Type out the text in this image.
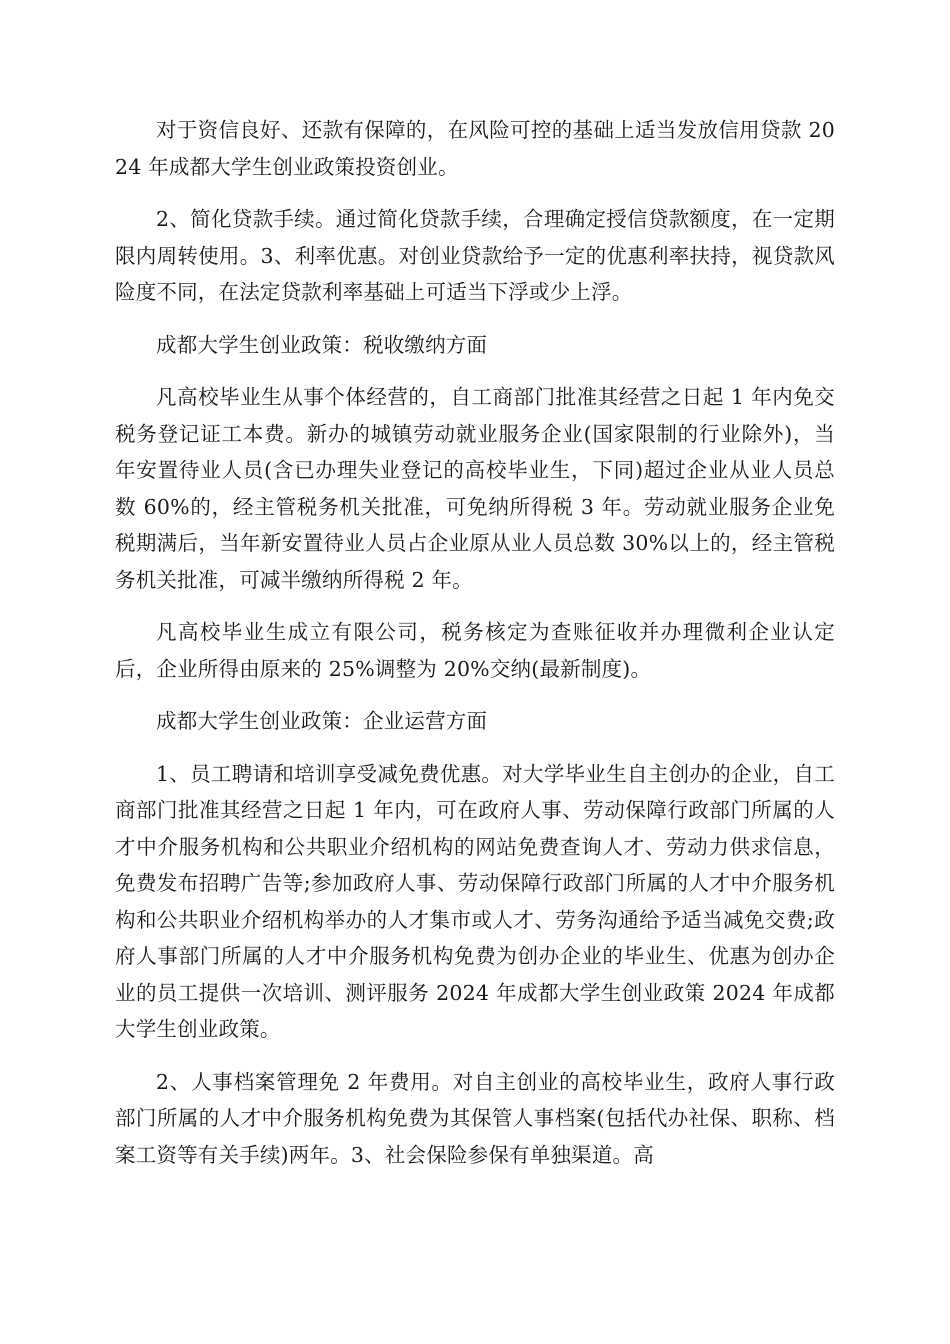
对于资信良好、还款有保障的，在风险可控的基础上适当发放信用贷款 2024 年成都大学生创业政策投资创业。

2、简化贷款手续。通过简化贷款手续，合理确定授信贷款额度，在一定期限内周转使用。3、利率优惠。对创业贷款给予一定的优惠利率扶持，视贷款风险度不同，在法定贷款利率基础上可适当下浮或少上浮。

成都大学生创业政策：税收缴纳方面

凡高校毕业生从事个体经营的，自工商部门批准其经营之日起 1 年内免交税务登记证工本费。新办的城镇劳动就业服务企业(国家限制的行业除外)，当年安置待业人员(含已办理失业登记的高校毕业生，下同)超过企业从业人员总数 60%的，经主管税务机关批准，可免纳所得税 3 年。劳动就业服务企业免税期满后，当年新安置待业人员占企业原从业人员总数 30%以上的，经主管税务机关批准，可减半缴纳所得税 2 年。

凡高校毕业生成立有限公司，税务核定为查账征收并办理微利企业认定后，企业所得由原来的 25%调整为 20%交纳(最新制度)。

成都大学生创业政策：企业运营方面

1、员工聘请和培训享受减免费优惠。对大学毕业生自主创办的企业，自工商部门批准其经营之日起 1 年内，可在政府人事、劳动保障行政部门所属的人才中介服务机构和公共职业介绍机构的网站免费查询人才、劳动力供求信息，免费发布招聘广告等;参加政府人事、劳动保障行政部门所属的人才中介服务机构和公共职业介绍机构举办的人才集市或人才、劳务沟通给予适当减免交费;政府人事部门所属的人才中介服务机构免费为创办企业的毕业生、优惠为创办企业的员工提供一次培训、测评服务 2024 年成都大学生创业政策 2024 年成都大学生创业政策。

2、人事档案管理免 2 年费用。对自主创业的高校毕业生，政府人事行政部门所属的人才中介服务机构免费为其保管人事档案(包括代办社保、职称、档案工资等有关手续)两年。3、社会保险参保有单独渠道。高
